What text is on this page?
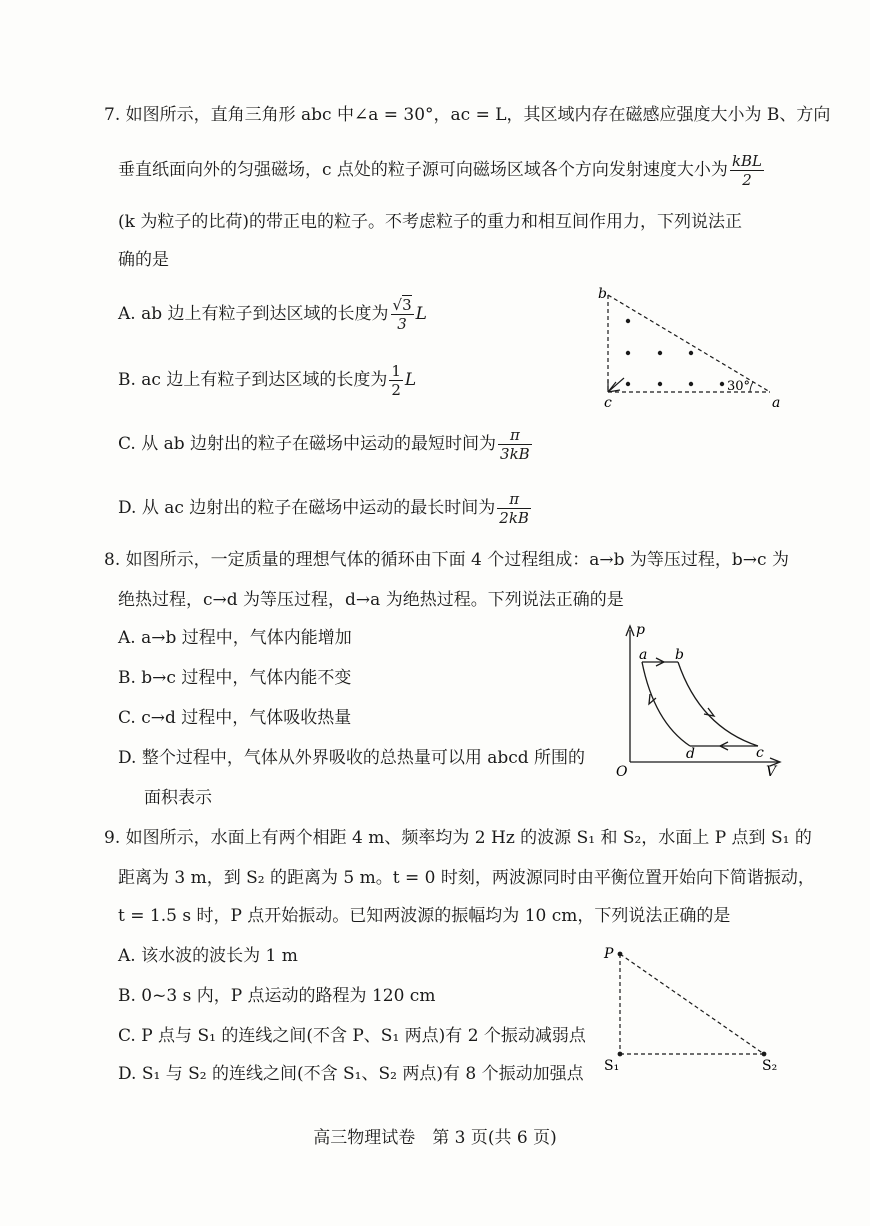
7. 如图所示，直角三角形 abc 中∠a = 30°，ac = L，其区域内存在磁感应强度大小为 B、方向
垂直纸面向外的匀强磁场，c 点处的粒子源可向磁场区域各个方向发射速度大小为 $\frac{\text{kBL}}{2}$
(k 为粒子的比荷)的带正电的粒子。不考虑粒子的重力和相互间作用力，下列说法正
确的是
A. ab 边上有粒子到达区域的长度为 $\frac{√3}{3}$ L
B. ac 边上有粒子到达区域的长度为 $\frac{1}{2}$ L
C. 从 ab 边射出的粒子在磁场中运动的最短时间为 $\frac{\pi}{3kB}$
D. 从 ac 边射出的粒子在磁场中运动的最长时间为 $\frac{\pi}{2kB}$
b
c	a
30°
8. 如图所示，一定质量的理想气体的循环由下面 4 个过程组成：a→b 为等压过程，b→c 为
绝热过程，c→d 为等压过程，d→a 为绝热过程。下列说法正确的是
A. a→b 过程中，气体内能增加
B. b→c 过程中，气体内能不变
C. c→d 过程中，气体吸收热量
D. 整个过程中，气体从外界吸收的总热量可以用 abcd 所围的
面积表示
p
V
O
a b
c
d
9. 如图所示，水面上有两个相距 4 m、频率均为 2 Hz 的波源 S₁ 和 S₂，水面上 P 点到 S₁ 的
距离为 3 m，到 S₂ 的距离为 5 m。t = 0 时刻，两波源同时由平衡位置开始向下简谐振动，
t = 1.5 s 时，P 点开始振动。已知两波源的振幅均为 10 cm，下列说法正确的是
A. 该水波的波长为 1 m
B. 0~3 s 内，P 点运动的路程为 120 cm
C. P 点与 S₁ 的连线之间(不含 P、S₁ 两点)有 2 个振动减弱点
D. S₁ 与 S₂ 的连线之间(不含 S₁、S₂ 两点)有 8 个振动加强点
P
S₁	S₂
高三物理试卷　第 3 页(共 6 页)
